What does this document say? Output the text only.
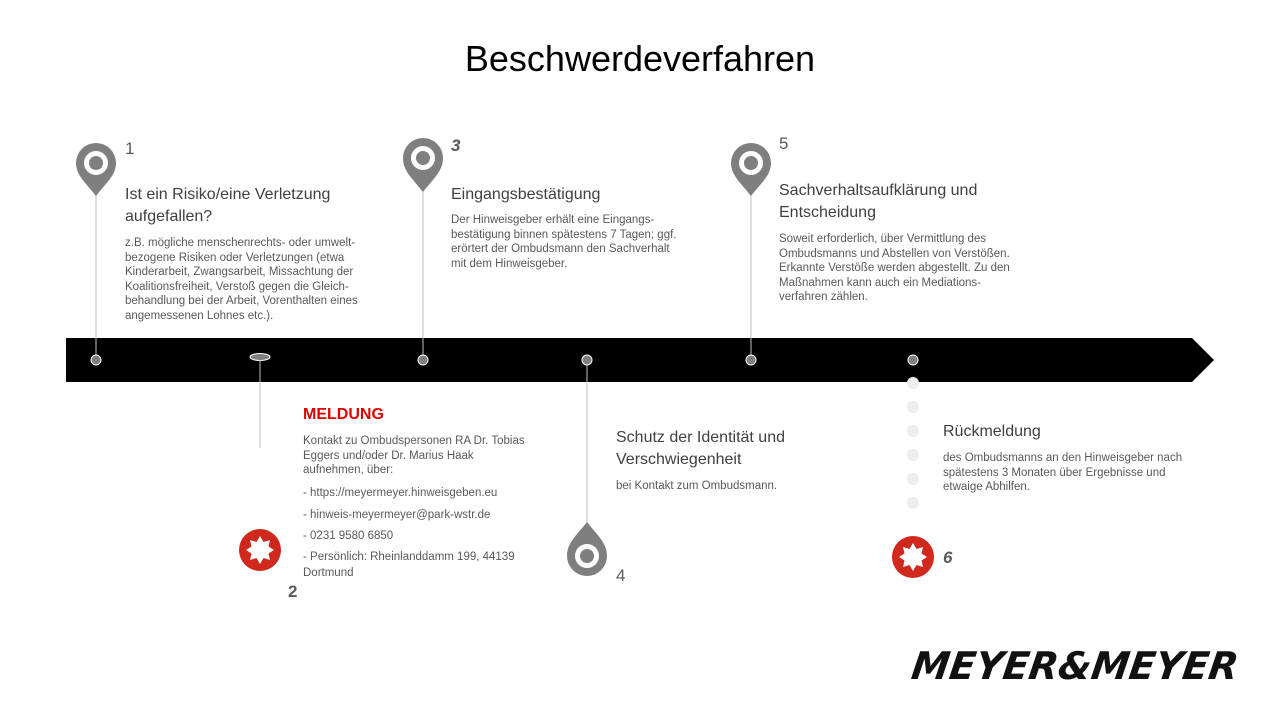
Beschwerdeverfahren
1
Ist ein Risiko/eine Verletzung aufgefallen?
z.B. mögliche menschenrechts- oder umwelt-
bezogene Risiken oder Verletzungen (etwa
Kinderarbeit, Zwangsarbeit, Missachtung der
Koalitionsfreiheit, Verstoß gegen die Gleich-
behandlung bei der Arbeit, Vorenthalten eines
angemessenen Lohnes etc.).
MELDUNG
Kontakt zu Ombudspersonen RA Dr. Tobias
Eggers und/oder Dr. Marius Haak
aufnehmen, über:
- https://meyermeyer.hinweisgeben.eu
- hinweis-meyermeyer@park-wstr.de
- 0231 9580 6850
- Persönlich: Rheinlanddamm 199, 44139
Dortmund
2
3
Eingangsbestätigung
Der Hinweisgeber erhält eine Eingangs-
bestätigung binnen spätestens 7 Tagen; ggf.
erörtert der Ombudsmann den Sachverhalt
mit dem Hinweisgeber.
Schutz der Identität und Verschwiegenheit
bei Kontakt zum Ombudsmann.
4
5
Sachverhaltsaufklärung und Entscheidung
Soweit erforderlich, über Vermittlung des
Ombudsmanns und Abstellen von Verstößen.
Erkannte Verstöße werden abgestellt. Zu den
Maßnahmen kann auch ein Mediations-
verfahren zählen.
Rückmeldung
des Ombudsmanns an den Hinweisgeber nach
spätestens 3 Monaten über Ergebnisse und
etwaige Abhilfen.
6
MEYER&MEYER
